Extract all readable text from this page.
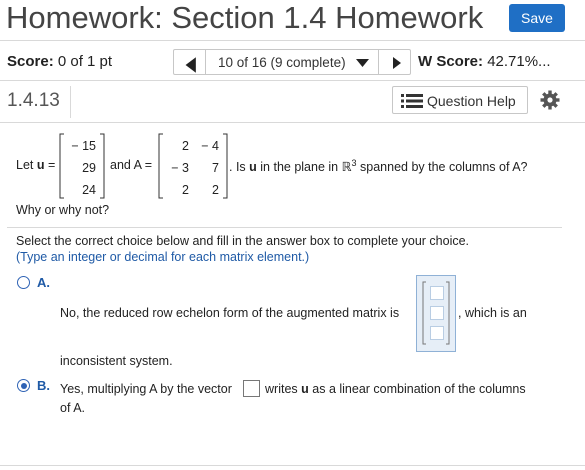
Homework: Section 1.4 Homework	Save
Score: 0 of 1 pt	10 of 16 (9 complete)	W Score: 42.71%...
1.4.13	Question Help
Let u =
− 15
29
24
and A =
2 − 4
− 3	7
2	2
. Is u in the plane in ℝ$^3$ spanned by the columns of A?
Why or why not?
Select the correct choice below and fill in the answer box to complete your choice.
(Type an integer or decimal for each matrix element.)
A.
No, the reduced row echelon form of the augmented matrix is	, which is an
inconsistent system.
B. Yes, multiplying A by the vector	writes u as a linear combination of the columns
of A.
